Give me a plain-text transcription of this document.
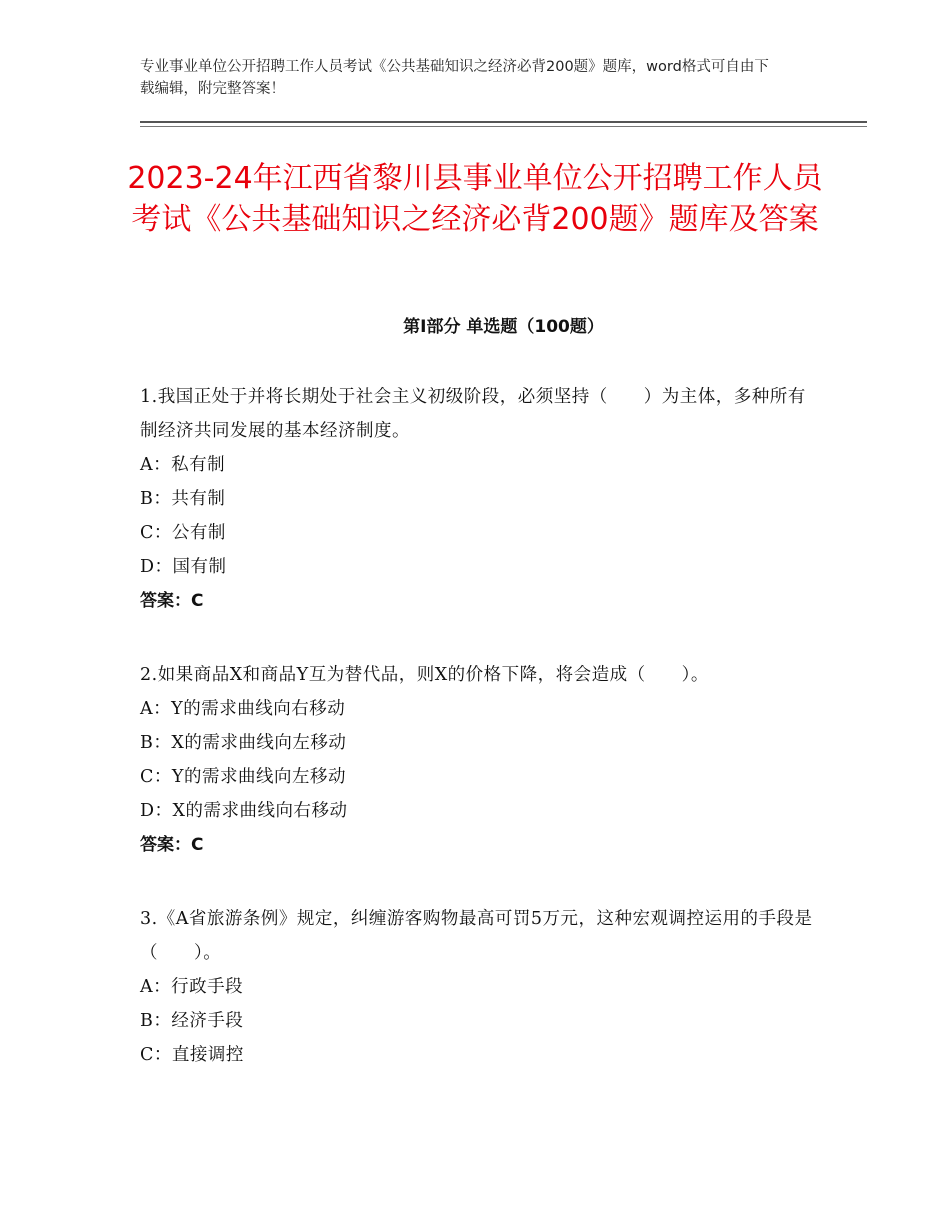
专业事业单位公开招聘工作人员考试《公共基础知识之经济必背200题》题库，word格式可自由下载编辑，附完整答案！
2023-24年江西省黎川县事业单位公开招聘工作人员考试《公共基础知识之经济必背200题》题库及答案
第Ⅰ部分 单选题（100题）

1.我国正处于并将长期处于社会主义初级阶段，必须坚持（　　）为主体，多种所有制经济共同发展的基本经济制度。

A：私有制

B：共有制

C：公有制

D：国有制

答案：C

2.如果商品X和商品Y互为替代品，则X的价格下降，将会造成（　　）。

A：Y的需求曲线向右移动

B：X的需求曲线向左移动

C：Y的需求曲线向左移动

D：X的需求曲线向右移动

答案：C

3.《A省旅游条例》规定，纠缠游客购物最高可罚5万元，这种宏观调控运用的手段是（　　）。

A：行政手段

B：经济手段

C：直接调控
